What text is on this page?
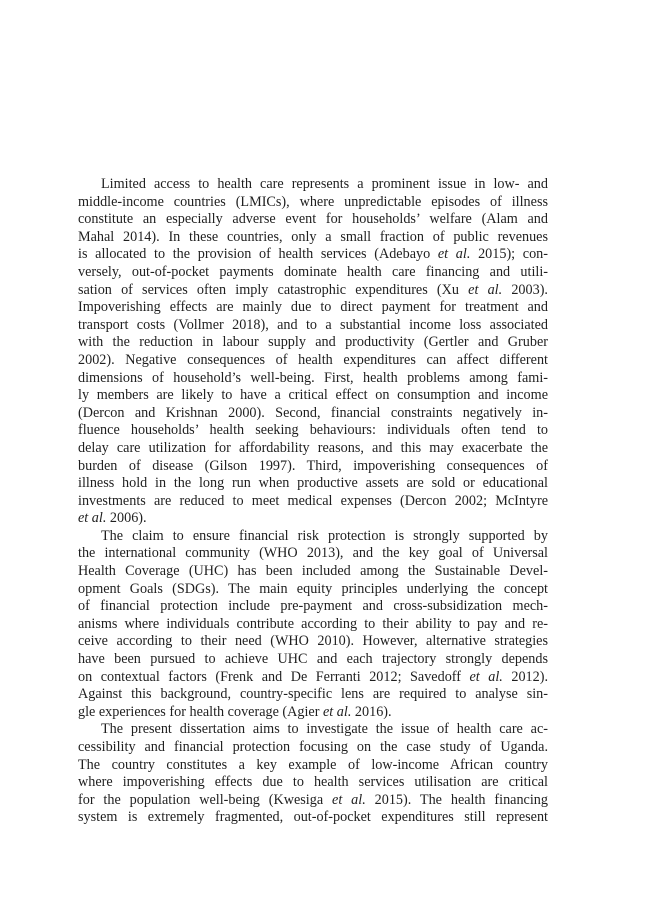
Limited access to health care represents a prominent issue in low- and
middle-income countries (LMICs), where unpredictable episodes of illness
constitute an especially adverse event for households’ welfare (Alam and
Mahal 2014). In these countries, only a small fraction of public revenues
is allocated to the provision of health services (Adebayo et al. 2015); con-
versely, out-of-pocket payments dominate health care financing and utili-
sation of services often imply catastrophic expenditures (Xu et al. 2003).
Impoverishing effects are mainly due to direct payment for treatment and
transport costs (Vollmer 2018), and to a substantial income loss associated
with the reduction in labour supply and productivity (Gertler and Gruber
2002). Negative consequences of health expenditures can affect different
dimensions of household’s well-being. First, health problems among fami-
ly members are likely to have a critical effect on consumption and income
(Dercon and Krishnan 2000). Second, financial constraints negatively in-
fluence households’ health seeking behaviours: individuals often tend to
delay care utilization for affordability reasons, and this may exacerbate the
burden of disease (Gilson 1997). Third, impoverishing consequences of
illness hold in the long run when productive assets are sold or educational
investments are reduced to meet medical expenses (Dercon 2002; McIntyre
et al. 2006).
The claim to ensure financial risk protection is strongly supported by
the international community (WHO 2013), and the key goal of Universal
Health Coverage (UHC) has been included among the Sustainable Devel-
opment Goals (SDGs). The main equity principles underlying the concept
of financial protection include pre-payment and cross-subsidization mech-
anisms where individuals contribute according to their ability to pay and re-
ceive according to their need (WHO 2010). However, alternative strategies
have been pursued to achieve UHC and each trajectory strongly depends
on contextual factors (Frenk and De Ferranti 2012; Savedoff et al. 2012).
Against this background, country-specific lens are required to analyse sin-
gle experiences for health coverage (Agier et al. 2016).
The present dissertation aims to investigate the issue of health care ac-
cessibility and financial protection focusing on the case study of Uganda.
The country constitutes a key example of low-income African country
where impoverishing effects due to health services utilisation are critical
for the population well-being (Kwesiga et al. 2015). The health financing
system is extremely fragmented, out-of-pocket expenditures still represent
